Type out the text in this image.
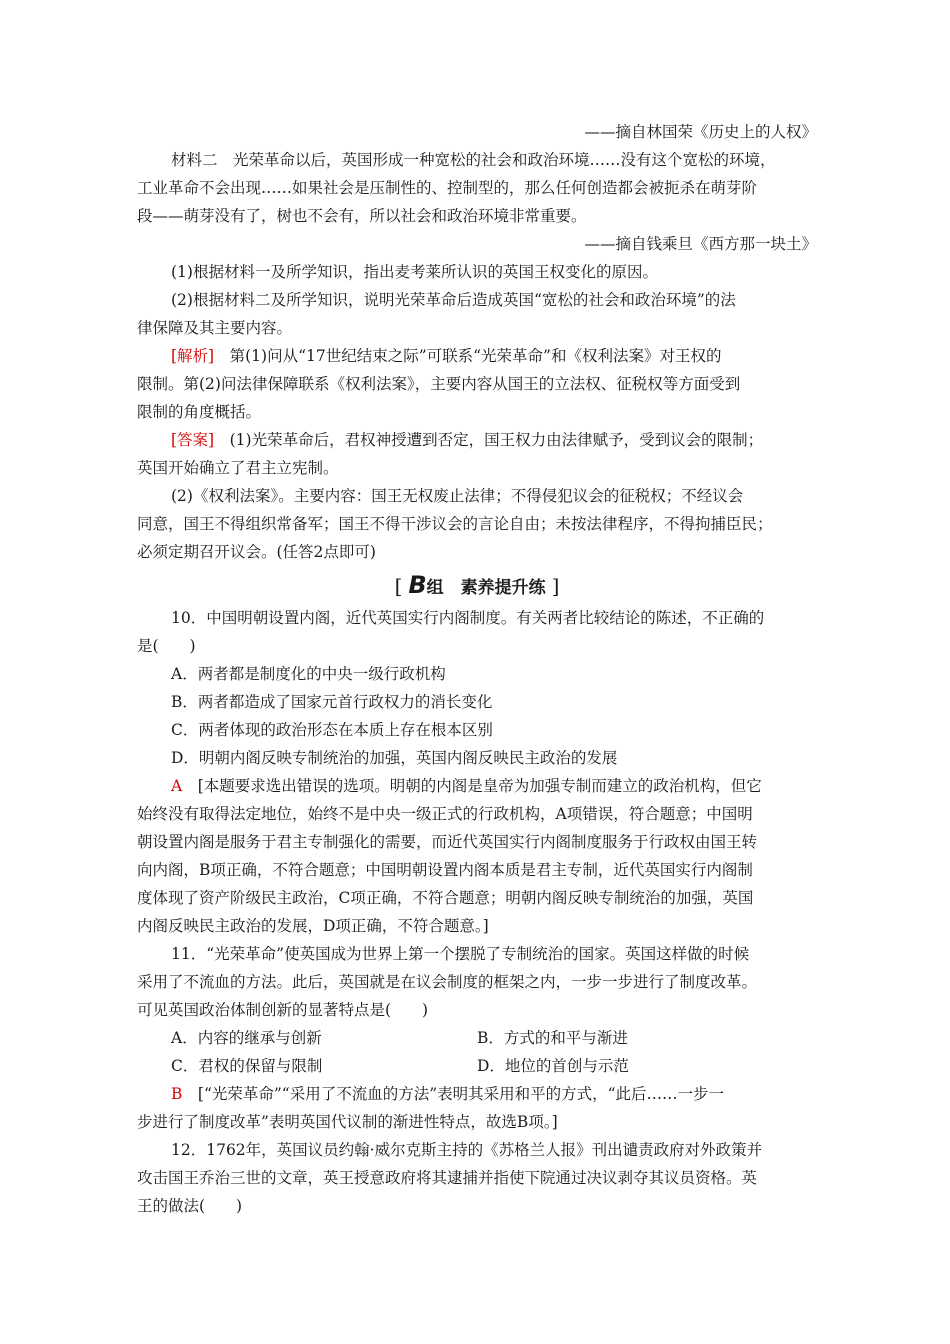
——摘自林国荣《历史上的人权》
材料二　光荣革命以后，英国形成一种宽松的社会和政治环境……没有这个宽松的环境，
工业革命不会出现……如果社会是压制性的、控制型的，那么任何创造都会被扼杀在萌芽阶
段——萌芽没有了，树也不会有，所以社会和政治环境非常重要。
——摘自钱乘旦《西方那一块土》
(1)根据材料一及所学知识，指出麦考莱所认识的英国王权变化的原因。
(2)根据材料二及所学知识，说明光荣革命后造成英国“宽松的社会和政治环境”的法
律保障及其主要内容。
[解析]　第(1)问从“17世纪结束之际”可联系“光荣革命”和《权利法案》对王权的
限制。第(2)问法律保障联系《权利法案》，主要内容从国王的立法权、征税权等方面受到
限制的角度概括。
[答案]　(1)光荣革命后，君权神授遭到否定，国王权力由法律赋予，受到议会的限制；
英国开始确立了君主立宪制。
(2)《权利法案》。主要内容：国王无权废止法律；不得侵犯议会的征税权；不经议会
同意，国王不得组织常备军；国王不得干涉议会的言论自由；未按法律程序，不得拘捕臣民；
必须定期召开议会。(任答2点即可)
[ B组　素养提升练 ]
10．中国明朝设置内阁，近代英国实行内阁制度。有关两者比较结论的陈述，不正确的
是(　　)
A．两者都是制度化的中央一级行政机构
B．两者都造成了国家元首行政权力的消长变化
C．两者体现的政治形态在本质上存在根本区别
D．明朝内阁反映专制统治的加强，英国内阁反映民主政治的发展
A　[本题要求选出错误的选项。明朝的内阁是皇帝为加强专制而建立的政治机构，但它
始终没有取得法定地位，始终不是中央一级正式的行政机构，A项错误，符合题意；中国明
朝设置内阁是服务于君主专制强化的需要，而近代英国实行内阁制度服务于行政权由国王转
向内阁，B项正确，不符合题意；中国明朝设置内阁本质是君主专制，近代英国实行内阁制
度体现了资产阶级民主政治，C项正确，不符合题意；明朝内阁反映专制统治的加强，英国
内阁反映民主政治的发展，D项正确，不符合题意。]
11．“光荣革命”使英国成为世界上第一个摆脱了专制统治的国家。英国这样做的时候
采用了不流血的方法。此后，英国就是在议会制度的框架之内，一步一步进行了制度改革。
可见英国政治体制创新的显著特点是(　　)
A．内容的继承与创新	B．方式的和平与渐进
C．君权的保留与限制	D．地位的首创与示范
B　[“光荣革命”“采用了不流血的方法”表明其采用和平的方式，“此后……一步一
步进行了制度改革”表明英国代议制的渐进性特点，故选B项。]
12．1762年，英国议员约翰·威尔克斯主持的《苏格兰人报》刊出谴责政府对外政策并
攻击国王乔治三世的文章，英王授意政府将其逮捕并指使下院通过决议剥夺其议员资格。英
王的做法(　　)
